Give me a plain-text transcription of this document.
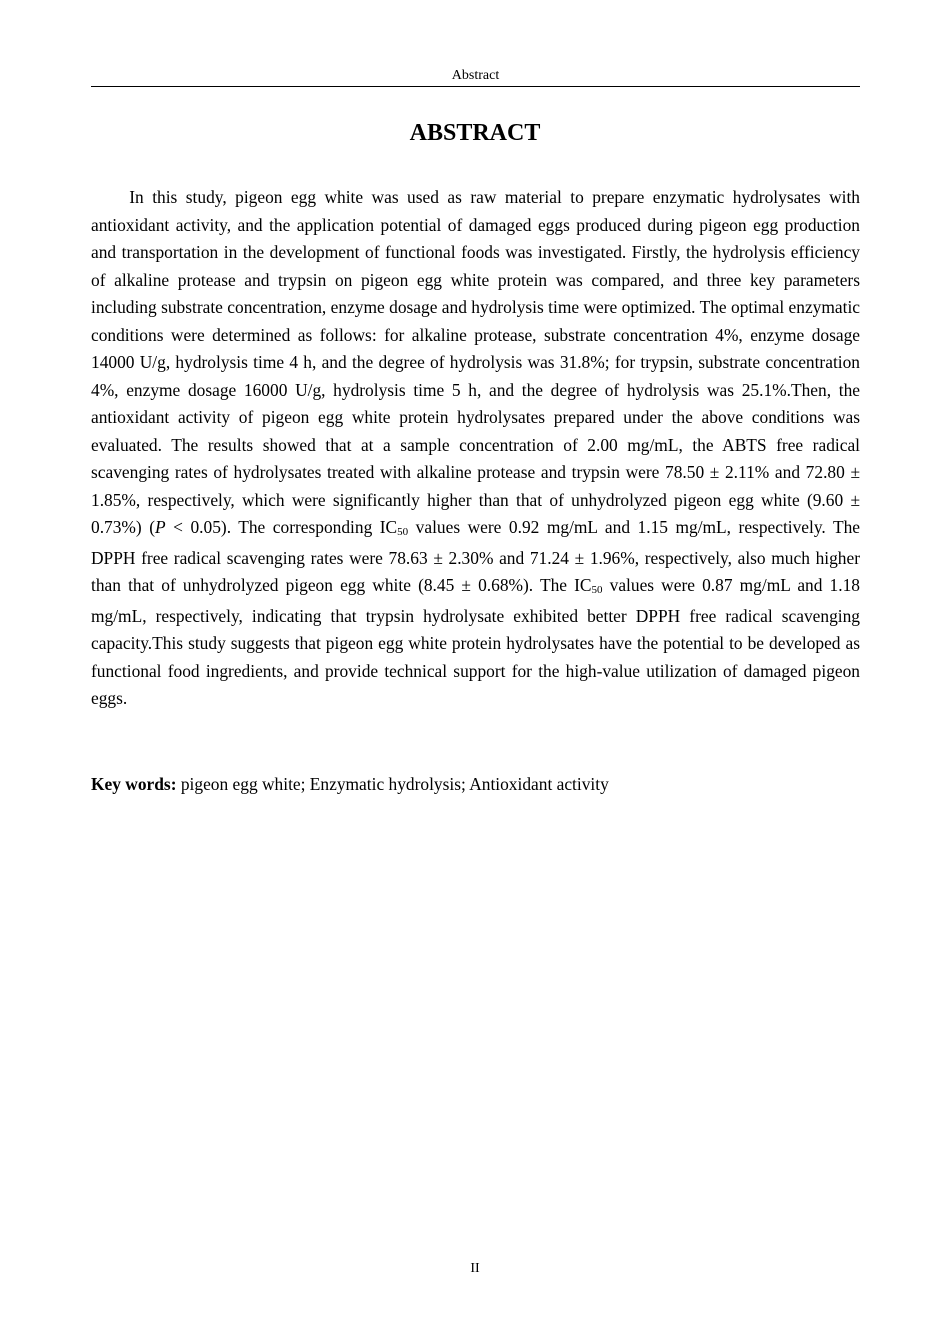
Abstract
ABSTRACT

In this study, pigeon egg white was used as raw material to prepare enzymatic hydrolysates with antioxidant activity, and the application potential of damaged eggs produced during pigeon egg production and transportation in the development of functional foods was investigated. Firstly, the hydrolysis efficiency of alkaline protease and trypsin on pigeon egg white protein was compared, and three key parameters including substrate concentration, enzyme dosage and hydrolysis time were optimized. The optimal enzymatic conditions were determined as follows: for alkaline protease, substrate concentration 4%, enzyme dosage 14000 U/g, hydrolysis time 4 h, and the degree of hydrolysis was 31.8%; for trypsin, substrate concentration 4%, enzyme dosage 16000 U/g, hydrolysis time 5 h, and the degree of hydrolysis was 25.1%.Then, the antioxidant activity of pigeon egg white protein hydrolysates prepared under the above conditions was evaluated. The results showed that at a sample concentration of 2.00 mg/mL, the ABTS free radical scavenging rates of hydrolysates treated with alkaline protease and trypsin were 78.50 ± 2.11% and 72.80 ± 1.85%, respectively, which were significantly higher than that of unhydrolyzed pigeon egg white (9.60 ± 0.73%) (P < 0.05). The corresponding $IC_{50}$ values were 0.92 mg/mL and 1.15 mg/mL, respectively. The DPPH free radical scavenging rates were 78.63 ± 2.30% and 71.24 ± 1.96%, respectively, also much higher than that of unhydrolyzed pigeon egg white (8.45 ± 0.68%). The $IC_{50}$ values were 0.87 mg/mL and 1.18 mg/mL, respectively, indicating that trypsin hydrolysate exhibited better DPPH free radical scavenging capacity.This study suggests that pigeon egg white protein hydrolysates have the potential to be developed as functional food ingredients, and provide technical support for the high-value utilization of damaged pigeon eggs.

Key words: pigeon egg white; Enzymatic hydrolysis; Antioxidant activity

II
